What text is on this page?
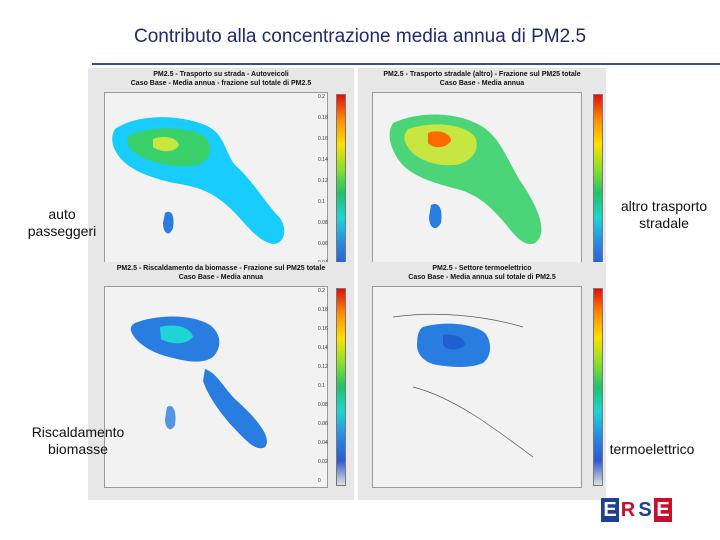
Contributo alla concentrazione media annua di PM2.5
PM2.5 - Trasporto su strada - Autoveicoli
Caso Base - Media annua - frazione sul totale di PM2.5
0.2
0.18
0.16
0.14
0.12
0.1
0.08
0.06
PM2.5 - Trasporto stradale (altro) - Frazione sul PM25 totale
Caso Base - Media annua
PM2.5 - Riscaldamento da biomasse - Frazione sul PM25 totale
Caso Base - Media annua
0.2
0.18
0.16
0.14
0.12
0.1
0.08
0.06
0.04
0.02
0
PM2.5 - Settore termoelettrico
Caso Base - Media annua sul totale di PM2.5
auto passeggeri
altro trasporto stradale
Riscaldamento biomasse	termoelettrico
E R S E
